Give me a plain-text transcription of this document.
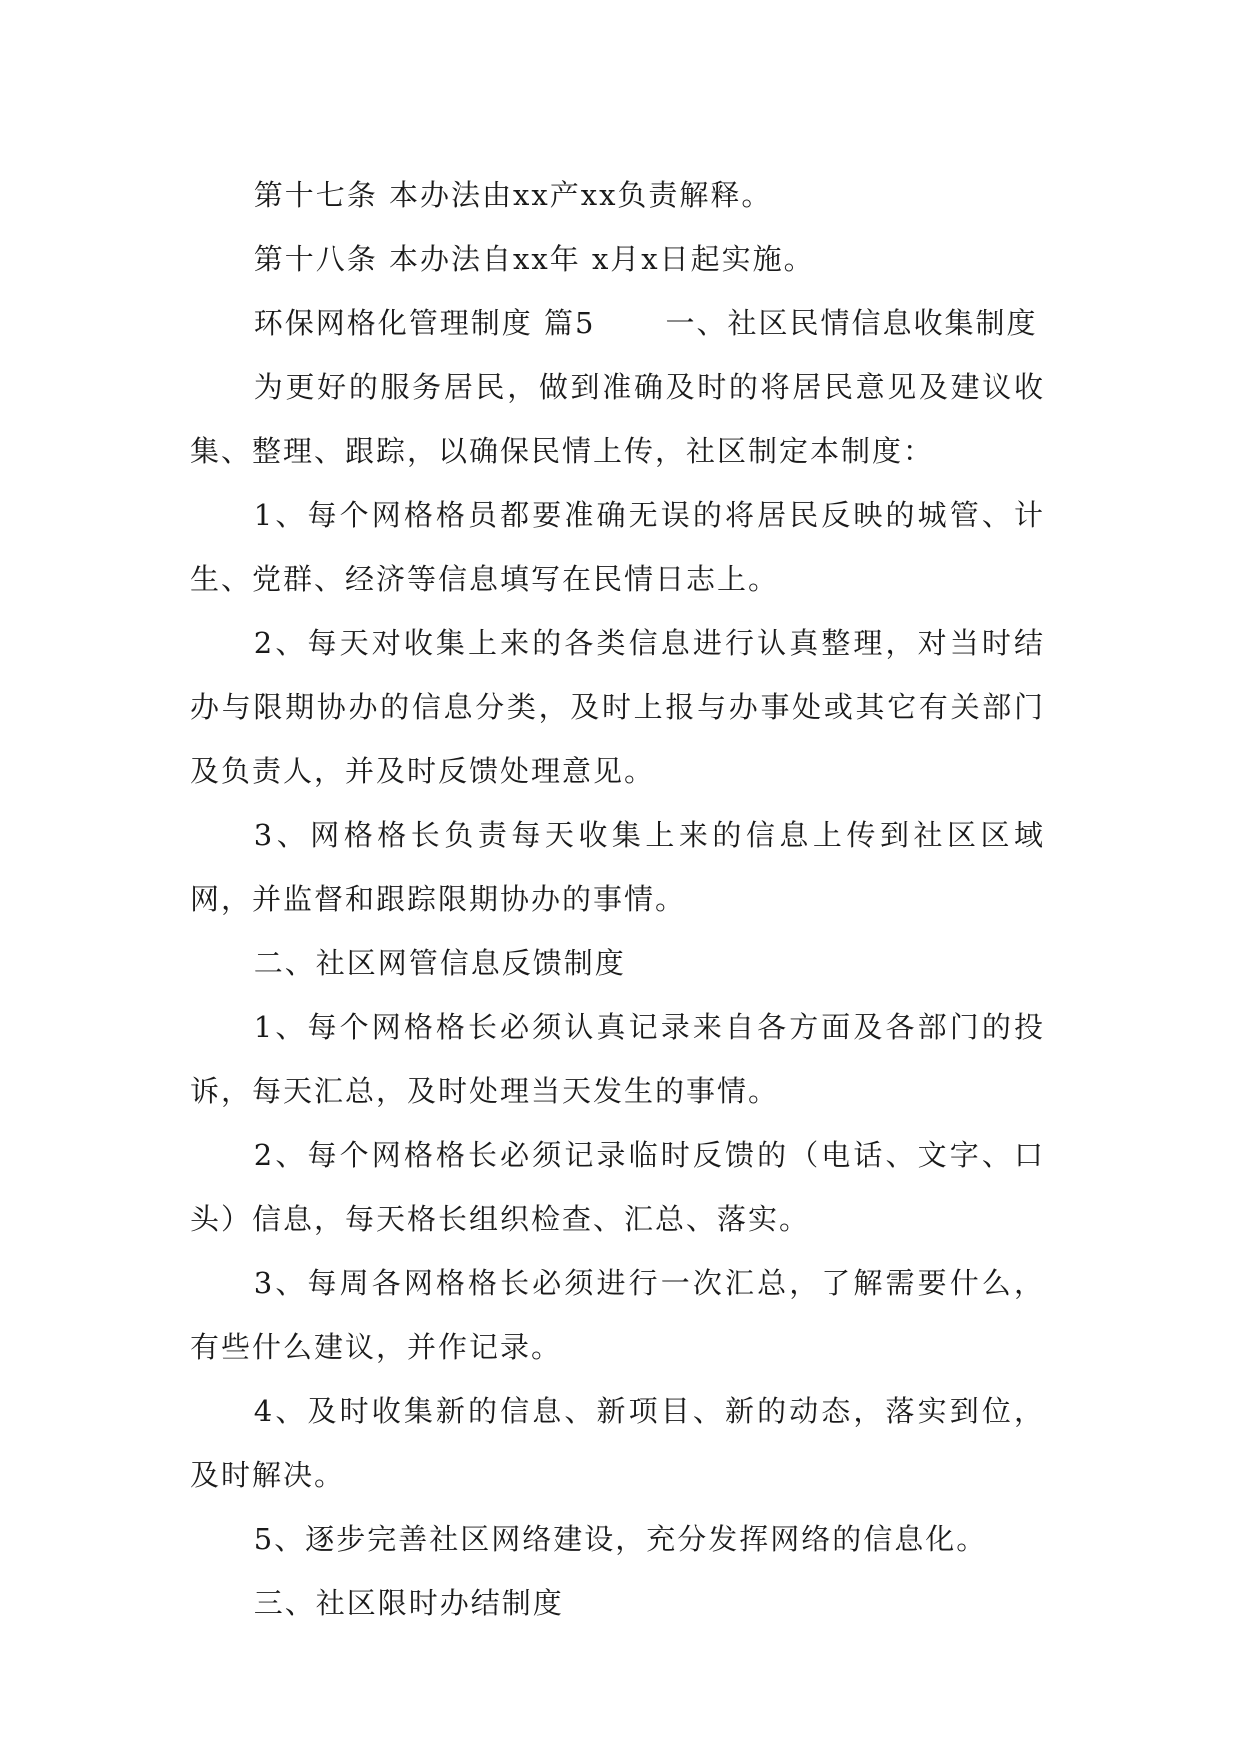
第十七条 本办法由xx产xx负责解释。

第十八条 本办法自xx年 x月x日起实施。

环保网格化管理制度 篇5 一、社区民情信息收集制度

为更好的服务居民，做到准确及时的将居民意见及建议收集、整理、跟踪，以确保民情上传，社区制定本制度：

1、每个网格格员都要准确无误的将居民反映的城管、计生、党群、经济等信息填写在民情日志上。

2、每天对收集上来的各类信息进行认真整理，对当时结办与限期协办的信息分类，及时上报与办事处或其它有关部门及负责人，并及时反馈处理意见。

3、网格格长负责每天收集上来的信息上传到社区区域网，并监督和跟踪限期协办的事情。

二、社区网管信息反馈制度

1、每个网格格长必须认真记录来自各方面及各部门的投诉，每天汇总，及时处理当天发生的事情。

2、每个网格格长必须记录临时反馈的（电话、文字、口头）信息，每天格长组织检查、汇总、落实。

3、每周各网格格长必须进行一次汇总，了解需要什么，有些什么建议，并作记录。

4、及时收集新的信息、新项目、新的动态，落实到位，及时解决。

5、逐步完善社区网络建设，充分发挥网络的信息化。

三、社区限时办结制度
